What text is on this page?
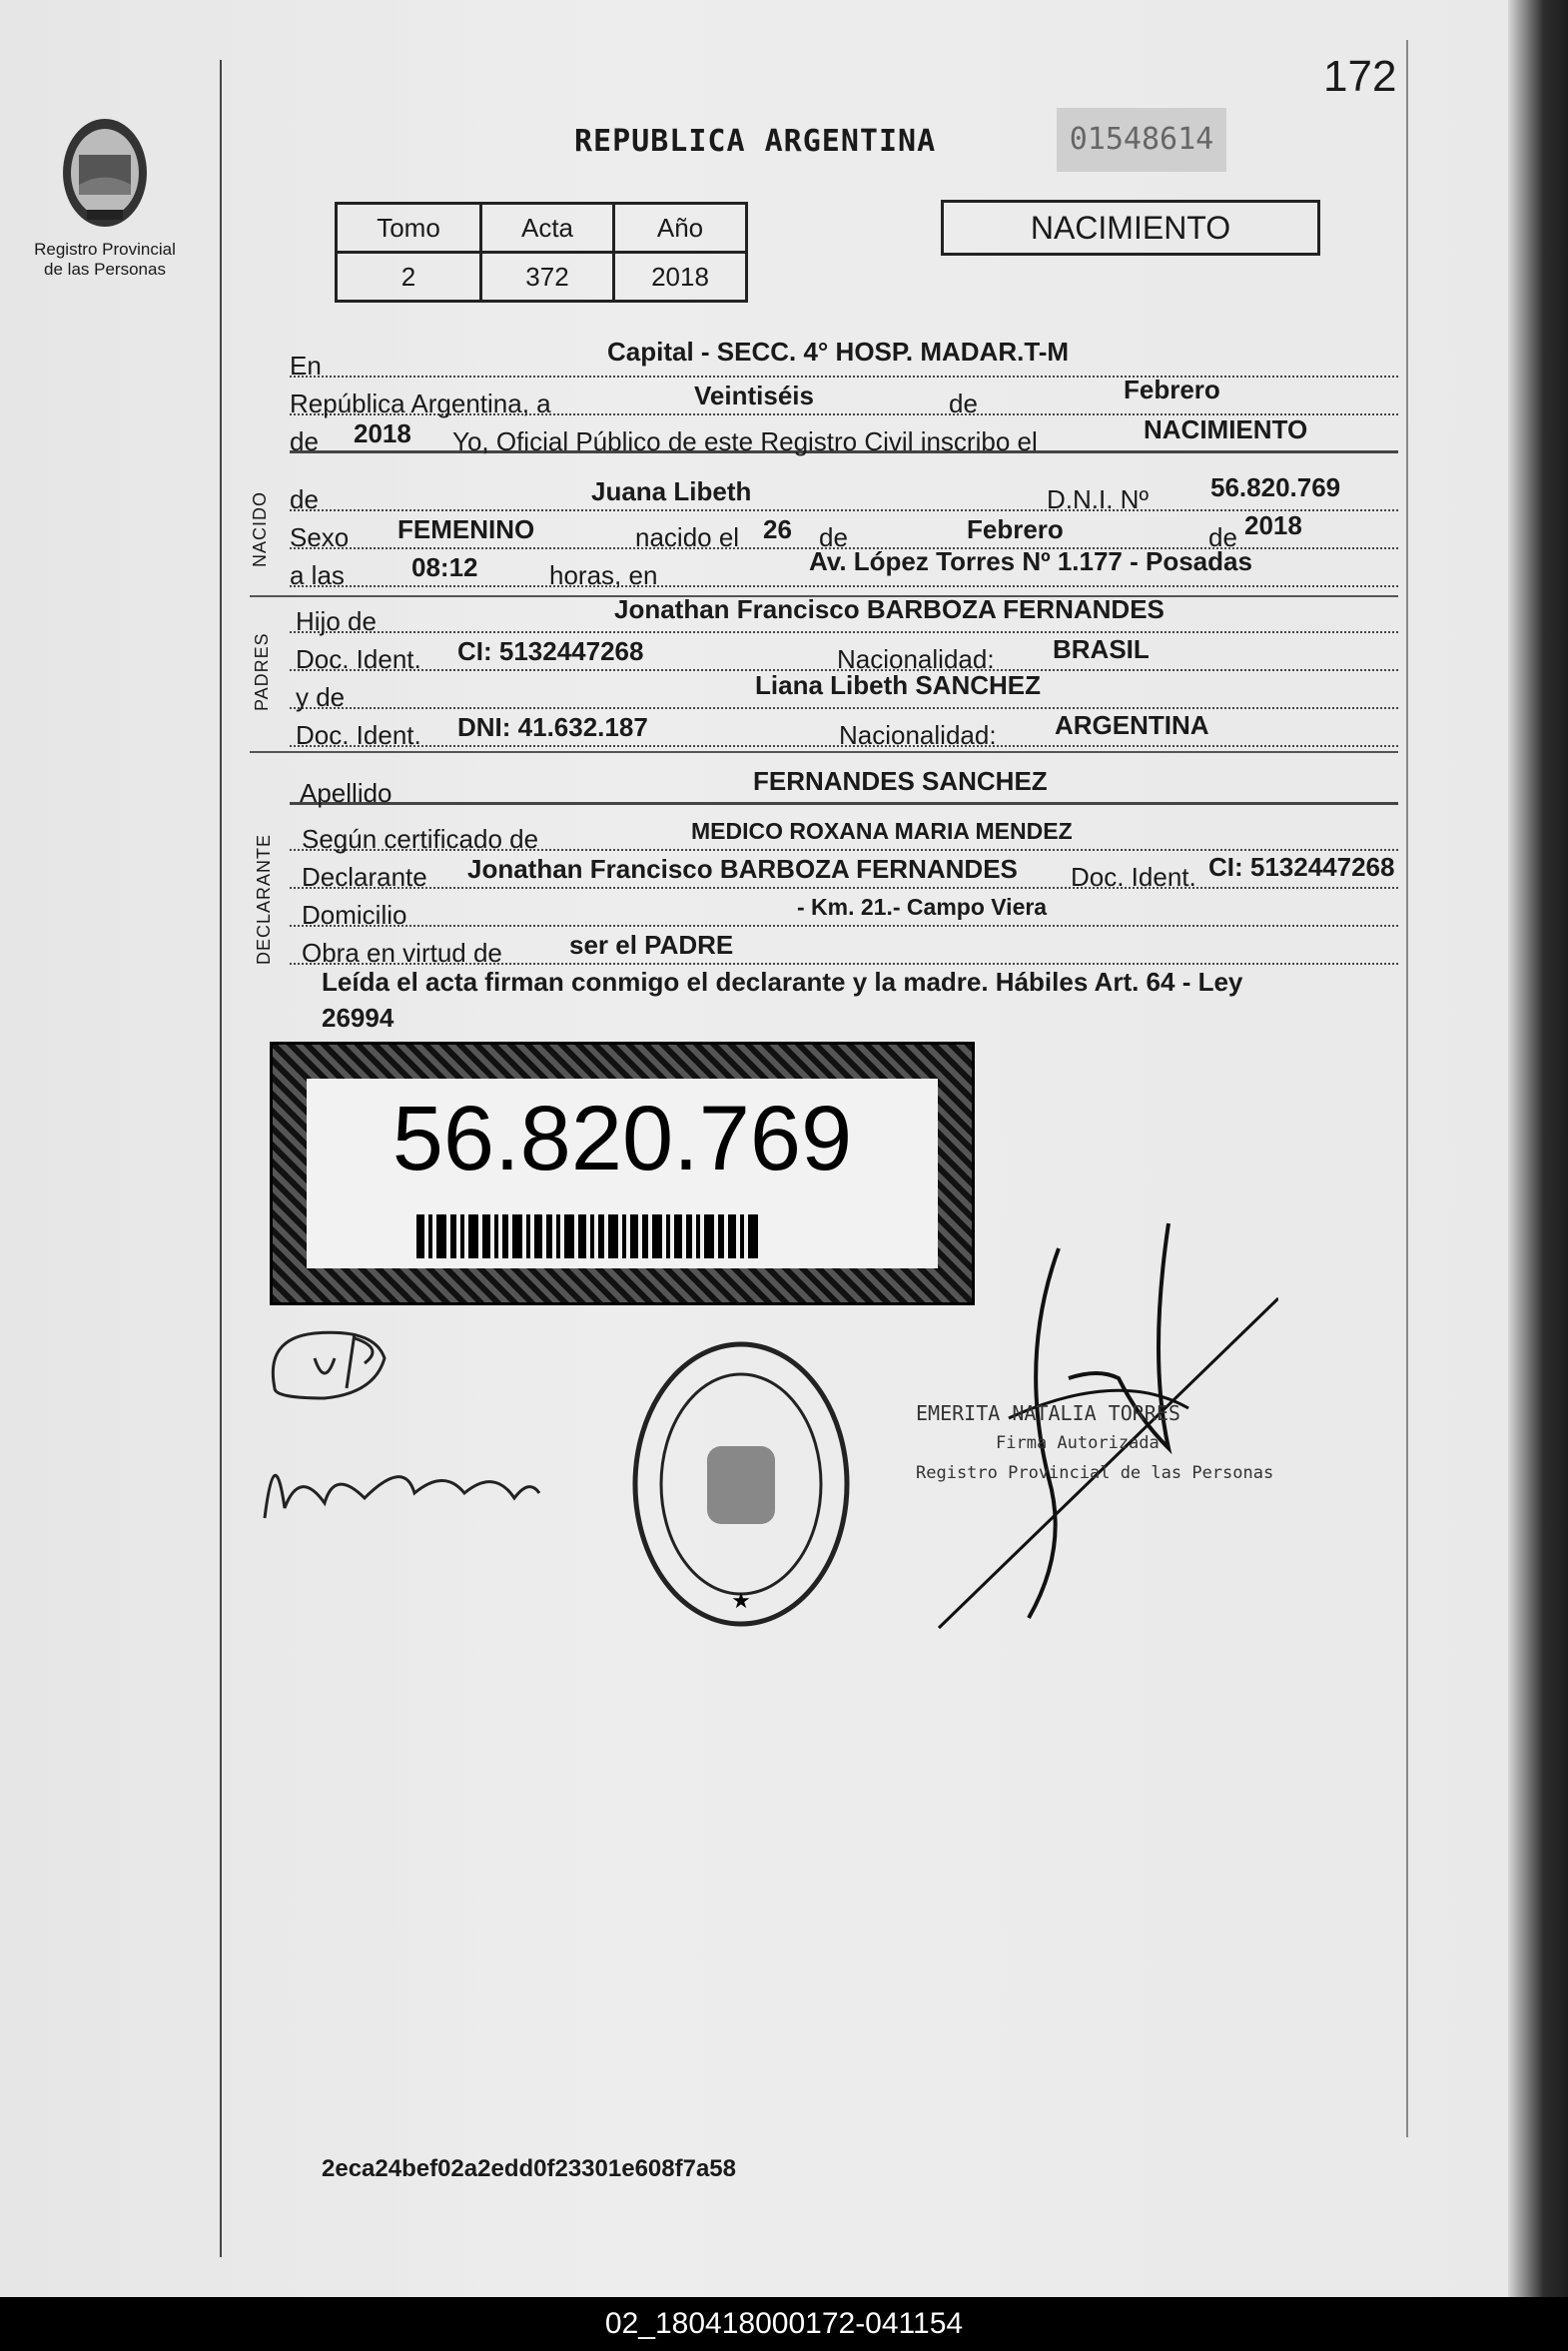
172
Registro Provincial
de las Personas
REPUBLICA ARGENTINA	01548614
Tomo	Acta	Año
2	372	2018
NACIMIENTO
En	Capital - SECC. 4° HOSP. MADAR.T-M
República Argentina, a	Veintiséis	de	Febrero
de 2018 Yo, Oficial Público de este Registro Civil inscribo el	NACIMIENTO
NACIDO de	Juana Libeth	D.N.I. Nº 56.820.769
Sexo FEMENINO	nacido el 26 de	Febrero	de 2018
a las	08:12	horas, en	Av. López Torres Nº 1.177 - Posadas
PADRES
Hijo de	Jonathan Francisco BARBOZA FERNANDES
Doc. Ident. CI: 5132447268	Nacionalidad: BRASIL
y de	Liana Libeth SANCHEZ
Doc. Ident. DNI: 41.632.187	Nacionalidad: ARGENTINA
Apellido	FERNANDES SANCHEZ
DECLARANTE Según certificado de	MEDICO ROXANA MARIA MENDEZ
Declarante Jonathan Francisco BARBOZA FERNANDES Doc. Ident. CI: 5132447268
Domicilio	- Km. 21.- Campo Viera
Obra en virtud de	ser el PADRE
Leída el acta firman conmigo el declarante y la madre. Hábiles Art. 64 - Ley
26994
56.820.769
★
EMERITA NATALIA TORRES
Firma Autorizada
Registro Provincial de las Personas
2eca24bef02a2edd0f23301e608f7a58
02_180418000172-041154
